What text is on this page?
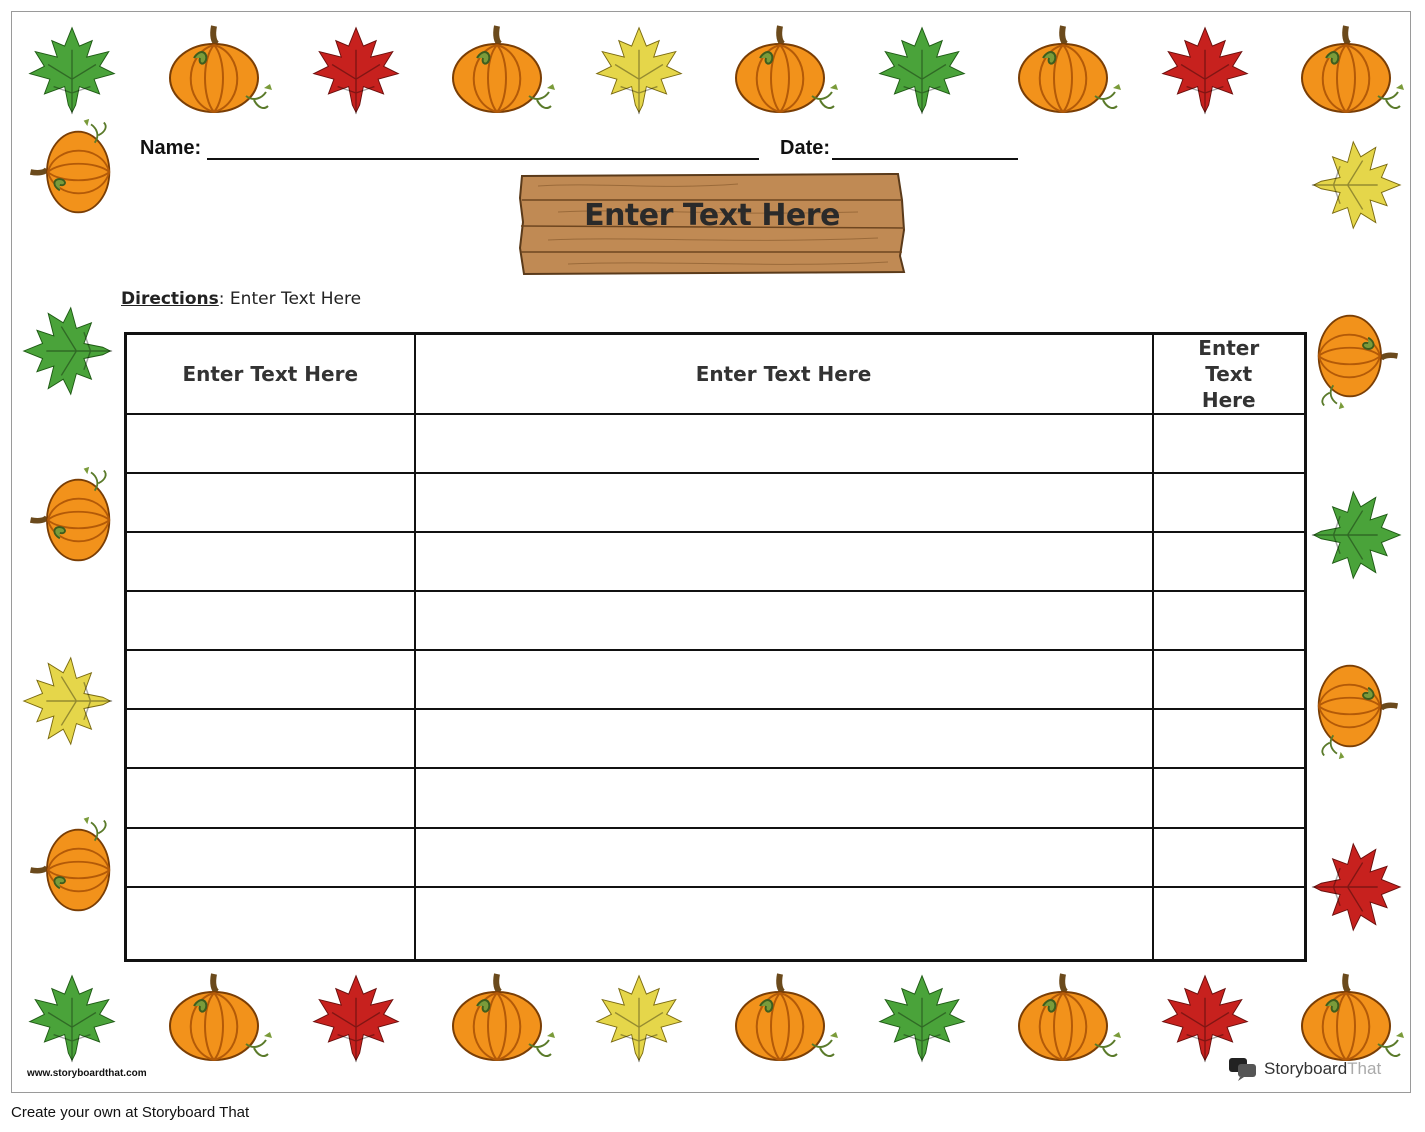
Name:	Date:
Enter Text Here
Directions: Enter Text Here
Enter Text Here	Enter Text Here	Enter Text Here

www.storyboardthat.com	StoryboardThat
Create your own at Storyboard That
